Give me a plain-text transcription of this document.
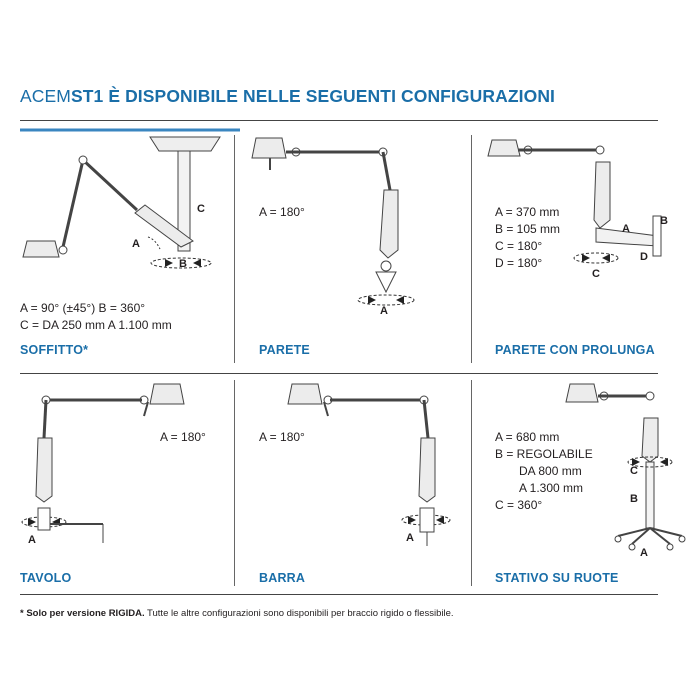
ACEMST1 È DISPONIBILE NELLE SEGUENTI CONFIGURAZIONI
B
A
C
A = 90° (±45°) B = 360°
C = DA 250 mm A 1.100 mm
SOFFITTO*
A
A = 180°
PARETE
C
A
B
D
A = 370 mm
B = 105 mm
C = 180°
D = 180°
PARETE CON PROLUNGA
A
A = 180°
TAVOLO
A
A = 180°
BARRA
C
B
A
A = 680 mm
B = REGOLABILE
DA 800 mm
A 1.300 mm
C = 360°
STATIVO SU RUOTE
* Solo per versione RIGIDA. Tutte le altre configurazioni sono disponibili per braccio rigido o flessibile.
